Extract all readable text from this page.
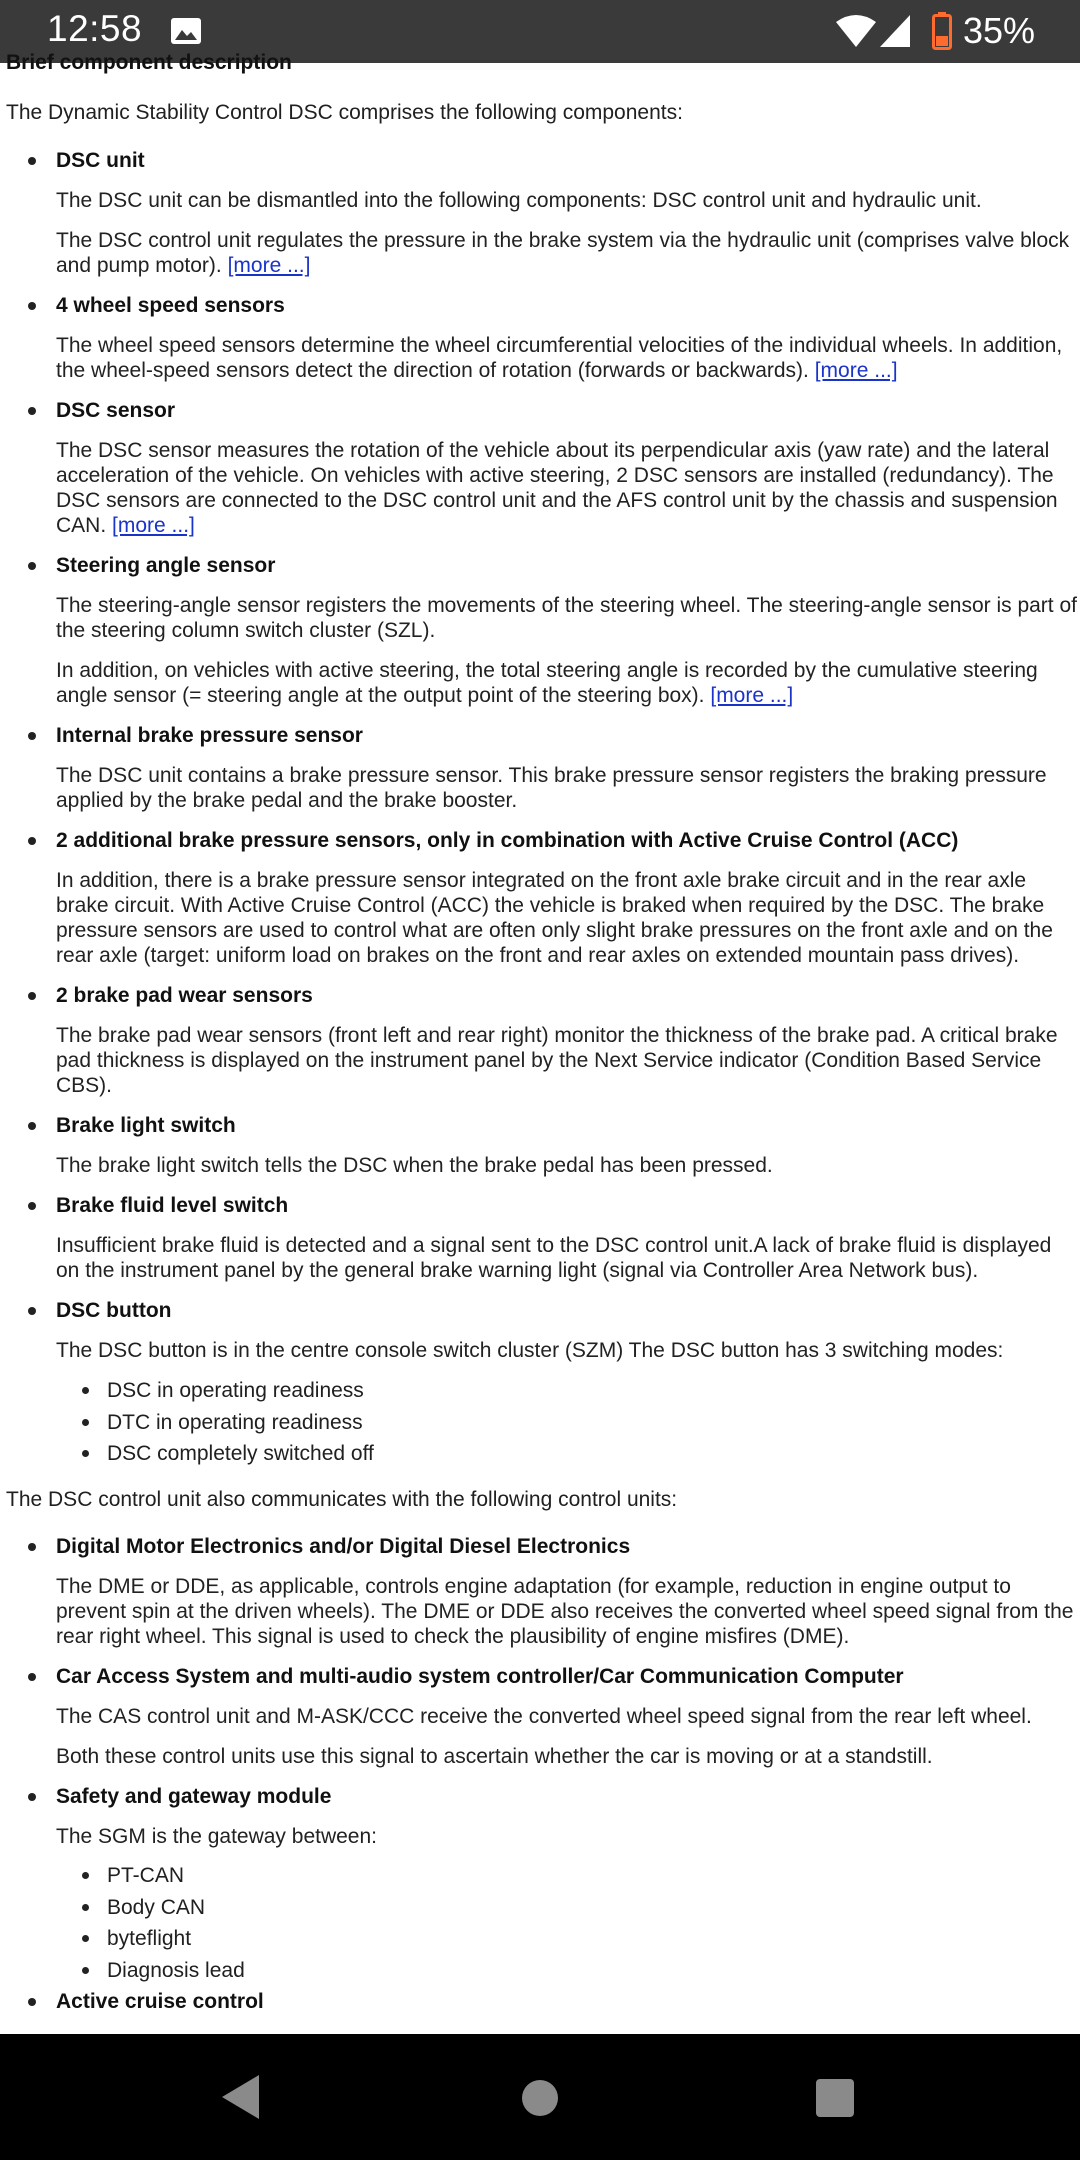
12:58	35%
Brief component description
The Dynamic Stability Control DSC comprises the following components:
DSC unit

The DSC unit can be dismantled into the following components: DSC control unit and hydraulic unit.

The DSC control unit regulates the pressure in the brake system via the hydraulic unit (comprises valve block and pump motor). [more ...]

4 wheel speed sensors

The wheel speed sensors determine the wheel circumferential velocities of the individual wheels. In addition, the wheel-speed sensors detect the direction of rotation (forwards or backwards). [more ...]

DSC sensor

The DSC sensor measures the rotation of the vehicle about its perpendicular axis (yaw rate) and the lateral acceleration of the vehicle. On vehicles with active steering, 2 DSC sensors are installed (redundancy). The DSC sensors are connected to the DSC control unit and the AFS control unit by the chassis and suspension CAN. [more ...]

Steering angle sensor

The steering-angle sensor registers the movements of the steering wheel. The steering-angle sensor is part of the steering column switch cluster (SZL).

In addition, on vehicles with active steering, the total steering angle is recorded by the cumulative steering angle sensor (= steering angle at the output point of the steering box). [more ...]

Internal brake pressure sensor

The DSC unit contains a brake pressure sensor. This brake pressure sensor registers the braking pressure applied by the brake pedal and the brake booster.

2 additional brake pressure sensors, only in combination with Active Cruise Control (ACC)

In addition, there is a brake pressure sensor integrated on the front axle brake circuit and in the rear axle brake circuit. With Active Cruise Control (ACC) the vehicle is braked when required by the DSC. The brake pressure sensors are used to control what are often only slight brake pressures on the front axle and on the rear axle (target: uniform load on brakes on the front and rear axles on extended mountain pass drives).

2 brake pad wear sensors

The brake pad wear sensors (front left and rear right) monitor the thickness of the brake pad. A critical brake pad thickness is displayed on the instrument panel by the Next Service indicator (Condition Based Service CBS).

Brake light switch

The brake light switch tells the DSC when the brake pedal has been pressed.

Brake fluid level switch

Insufficient brake fluid is detected and a signal sent to the DSC control unit.A lack of brake fluid is displayed on the instrument panel by the general brake warning light (signal via Controller Area Network bus).

DSC button

The DSC button is in the centre console switch cluster (SZM) The DSC button has 3 switching modes:

DSC in operating readiness
DTC in operating readiness
DSC completely switched off
The DSC control unit also communicates with the following control units:
Digital Motor Electronics and/or Digital Diesel Electronics

The DME or DDE, as applicable, controls engine adaptation (for example, reduction in engine output to prevent spin at the driven wheels). The DME or DDE also receives the converted wheel speed signal from the rear right wheel. This signal is used to check the plausibility of engine misfires (DME).

Car Access System and multi-audio system controller/Car Communication Computer

The CAS control unit and M-ASK/CCC receive the converted wheel speed signal from the rear left wheel.

Both these control units use this signal to ascertain whether the car is moving or at a standstill.

Safety and gateway module

The SGM is the gateway between:

PT-CAN
Body CAN
byteflight
Diagnosis lead
Active cruise control
